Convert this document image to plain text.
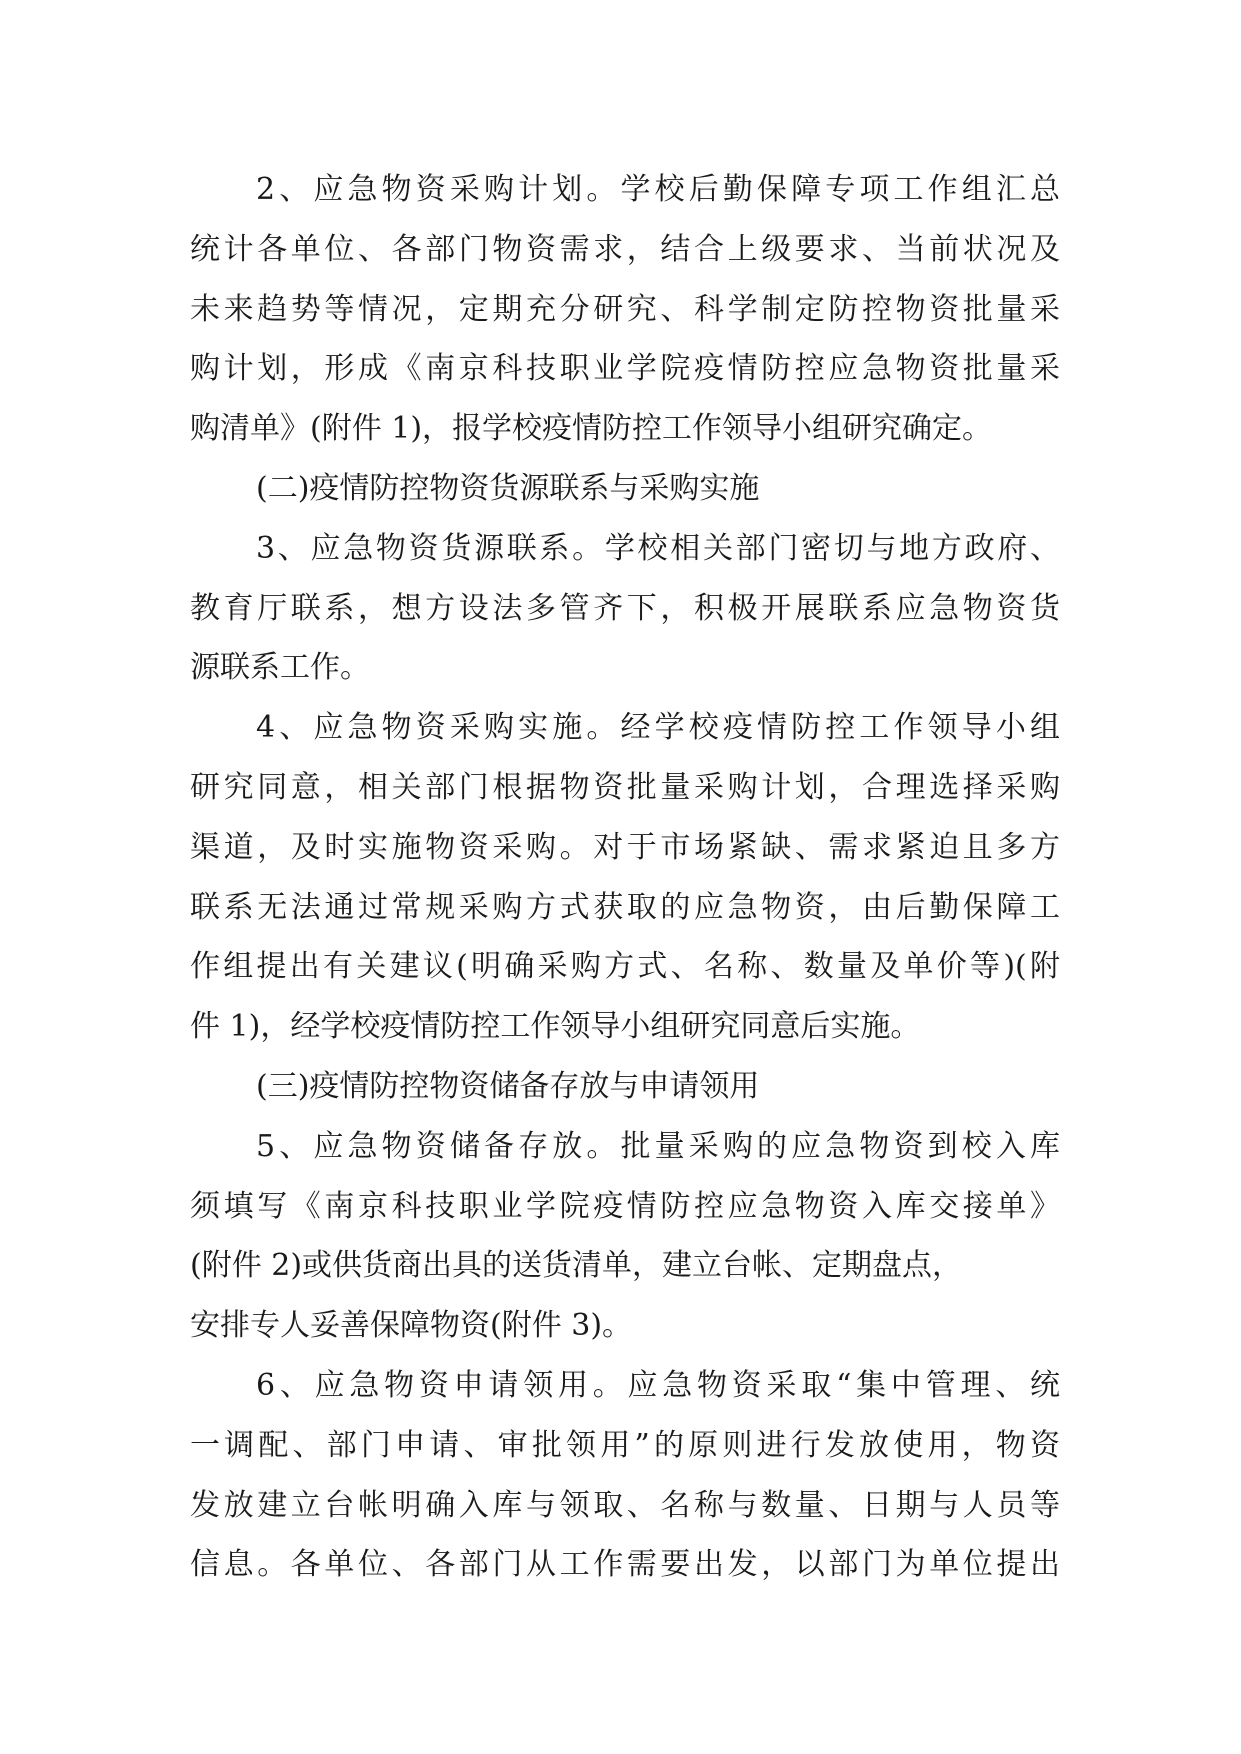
2、应急物资采购计划。学校后勤保障专项工作组汇总
统计各单位、各部门物资需求，结合上级要求、当前状况及
未来趋势等情况，定期充分研究、科学制定防控物资批量采
购计划，形成《南京科技职业学院疫情防控应急物资批量采
购清单》(附件 1)，报学校疫情防控工作领导小组研究确定。
(二)疫情防控物资货源联系与采购实施
3、应急物资货源联系。学校相关部门密切与地方政府、
教育厅联系，想方设法多管齐下，积极开展联系应急物资货
源联系工作。
4、应急物资采购实施。经学校疫情防控工作领导小组
研究同意，相关部门根据物资批量采购计划，合理选择采购
渠道，及时实施物资采购。对于市场紧缺、需求紧迫且多方
联系无法通过常规采购方式获取的应急物资，由后勤保障工
作组提出有关建议(明确采购方式、名称、数量及单价等)(附
件 1)，经学校疫情防控工作领导小组研究同意后实施。
(三)疫情防控物资储备存放与申请领用
5、应急物资储备存放。批量采购的应急物资到校入库
须填写《南京科技职业学院疫情防控应急物资入库交接单》
(附件 2)或供货商出具的送货清单，建立台帐、定期盘点，
安排专人妥善保障物资(附件 3)。
6、应急物资申请领用。应急物资采取“集中管理、统
一调配、部门申请、审批领用”的原则进行发放使用，物资
发放建立台帐明确入库与领取、名称与数量、日期与人员等
信息。各单位、各部门从工作需要出发，以部门为单位提出
